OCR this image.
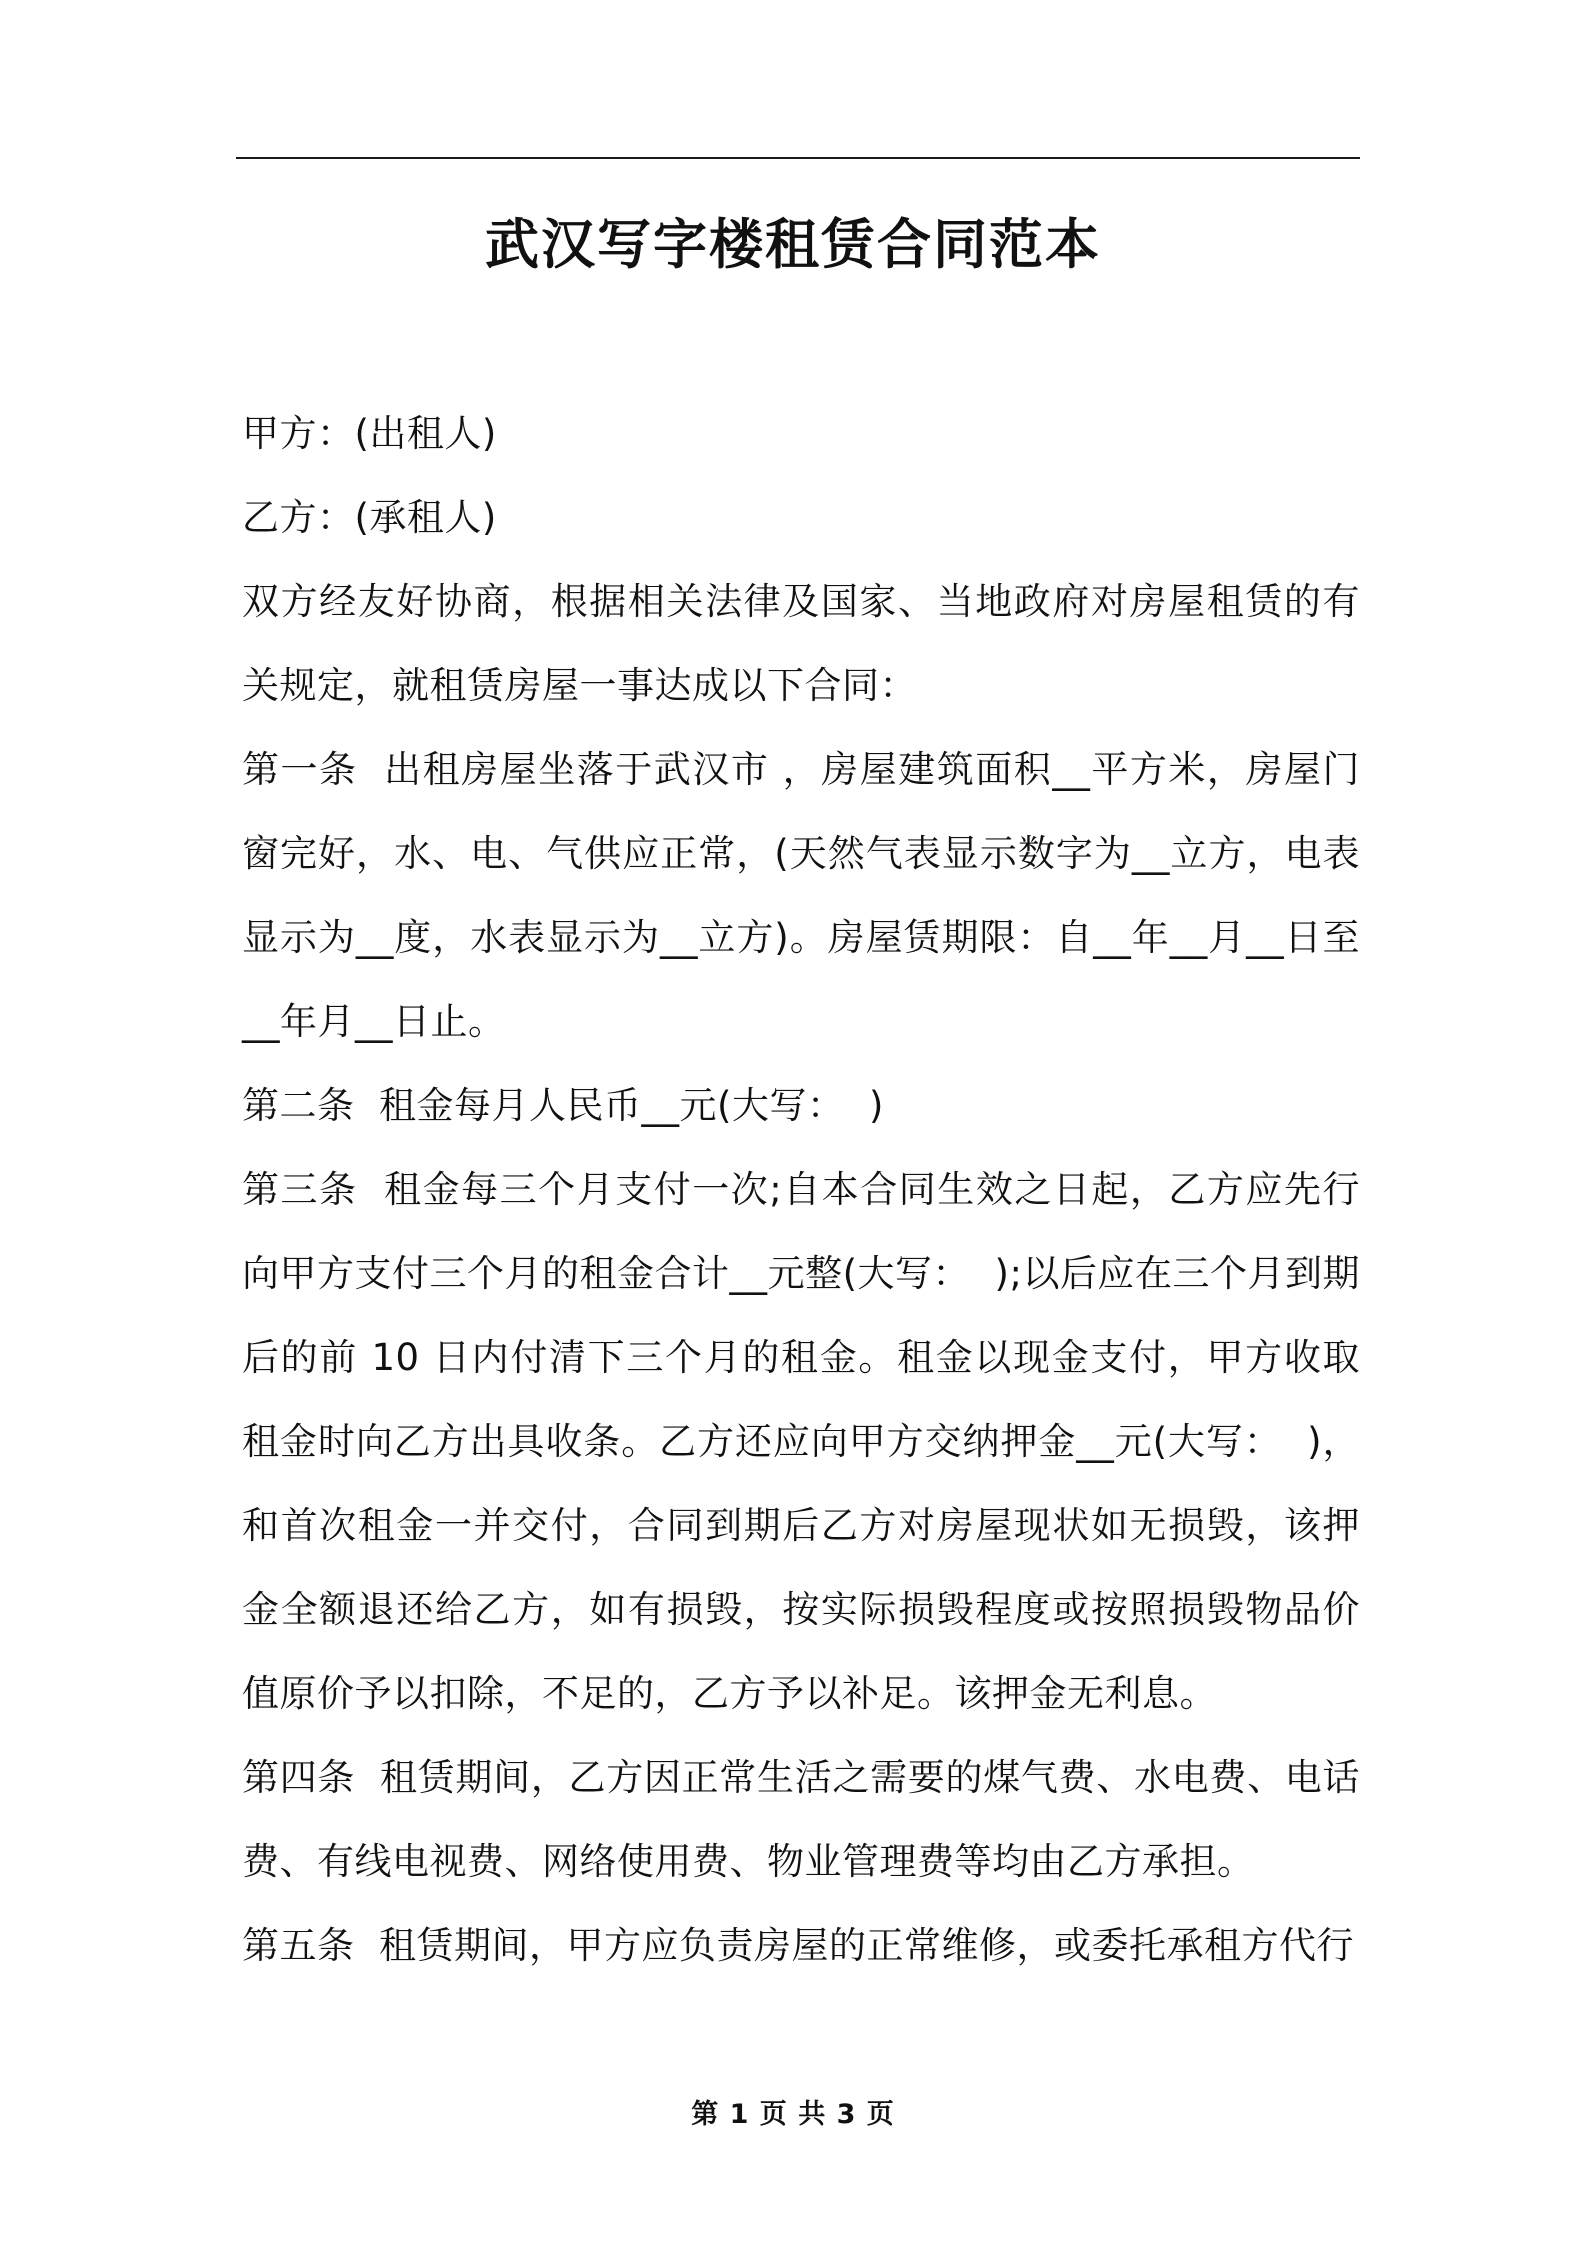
武汉写字楼租赁合同范本

甲方：(出租人)

乙方：(承租人)

双方经友好协商，根据相关法律及国家、当地政府对房屋租赁的有关规定，就租赁房屋一事达成以下合同：

第一条  出租房屋坐落于武汉市 ，房屋建筑面积__平方米，房屋门窗完好，水、电、气供应正常，(天然气表显示数字为__立方，电表显示为__度，水表显示为__立方)。房屋赁期限：自__年__月__日至__年月__日止。

第二条  租金每月人民币__元(大写：  )

第三条  租金每三个月支付一次;自本合同生效之日起，乙方应先行向甲方支付三个月的租金合计__元整(大写：  );以后应在三个月到期后的前 10 日内付清下三个月的租金。租金以现金支付，甲方收取租金时向乙方出具收条。乙方还应向甲方交纳押金__元(大写：  )，和首次租金一并交付，合同到期后乙方对房屋现状如无损毁，该押金全额退还给乙方，如有损毁，按实际损毁程度或按照损毁物品价值原价予以扣除，不足的，乙方予以补足。该押金无利息。

第四条  租赁期间，乙方因正常生活之需要的煤气费、水电费、电话费、有线电视费、网络使用费、物业管理费等均由乙方承担。

第五条  租赁期间，甲方应负责房屋的正常维修，或委托承租方代行

第 1 页 共 3 页
